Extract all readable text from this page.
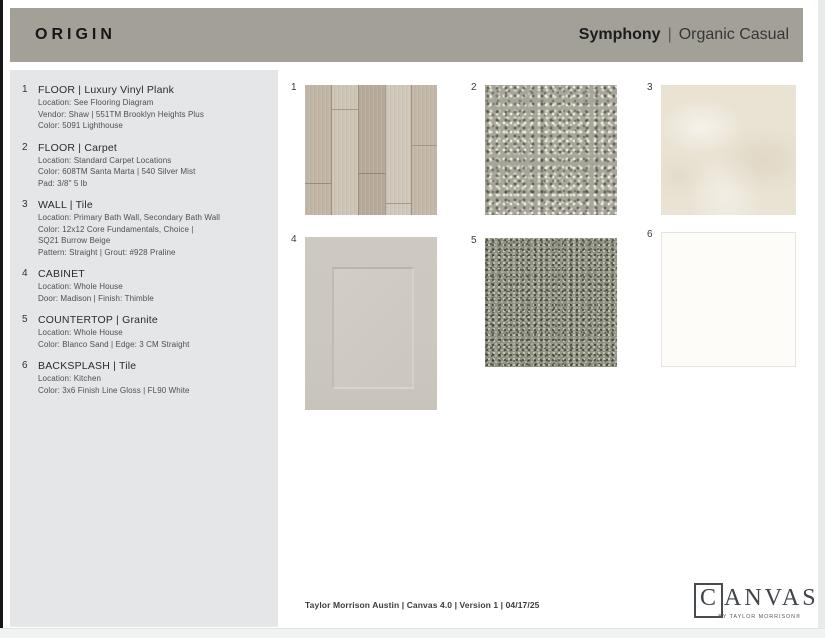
ORIGIN	Symphony | Organic Casual
1 FLOOR | Luxury Vinyl Plank
Location: See Flooring Diagram
Vendor: Shaw | 551TM Brooklyn Heights Plus
Color: 5091 Lighthouse
2 FLOOR | Carpet
Location: Standard Carpet Locations
Color: 608TM Santa Marta | 540 Silver Mist
Pad: 3/8" 5 lb
3 WALL | Tile
Location: Primary Bath Wall, Secondary Bath Wall
Color: 12x12 Core Fundamentals, Choice |
SQ21 Burrow Beige
Pattern: Straight | Grout: #928 Praline
4 CABINET
Location: Whole House
Door: Madison | Finish: Thimble
5 COUNTERTOP | Granite
Location: Whole House
Color: Blanco Sand | Edge: 3 CM Straight
6 BACKSPLASH | Tile
Location: Kitchen
Color: 3x6 Finish Line Gloss | FL90 White
1	2	3
4	5
6
Taylor Morrison Austin | Canvas 4.0 | Version 1 | 04/17/25	C ANVAS
BY TAYLOR MORRISON®
